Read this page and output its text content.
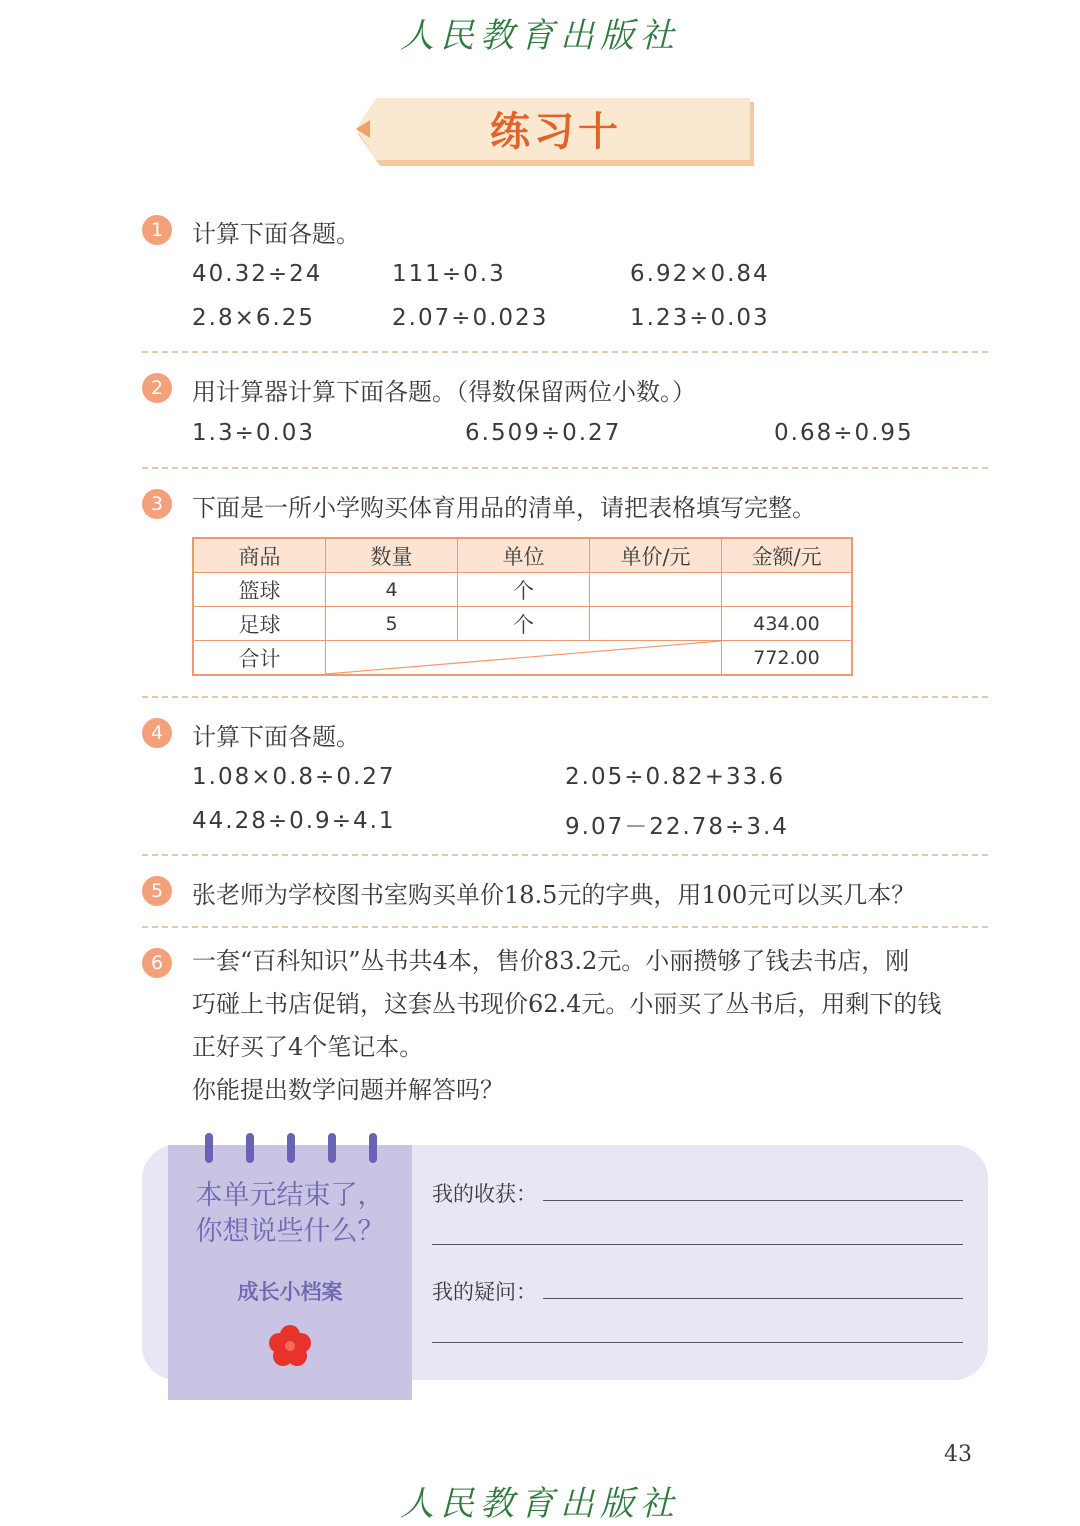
人民教育出版社
练习十
1	计算下面各题。
40.32÷24	111÷0.3	6.92×0.84
2.8×6.25	2.07÷0.023	1.23÷0.03
2	用计算器计算下面各题。（得数保留两位小数。）
1.3÷0.03	6.509÷0.27	0.68÷0.95
3	下面是一所小学购买体育用品的清单，请把表格填写完整。
商品	数量	单位	单价/元	金额/元
篮球	4	个		
足球	5	个		434.00
合计				772.00
4	计算下面各题。
1.08×0.8÷0.27	2.05÷0.82+33.6
44.28÷0.9÷4.1	9.07－22.78÷3.4
5	张老师为学校图书室购买单价18.5元的字典，用100元可以买几本？
6	一套“百科知识”丛书共4本，售价83.2元。小丽攒够了钱去书店，刚

巧碰上书店促销，这套丛书现价62.4元。小丽买了丛书后，用剩下的钱

正好买了4个笔记本。

你能提出数学问题并解答吗？

本单元结束了，
你想说些什么？
成长小档案
我的收获：
我的疑问：
43
人民教育出版社
